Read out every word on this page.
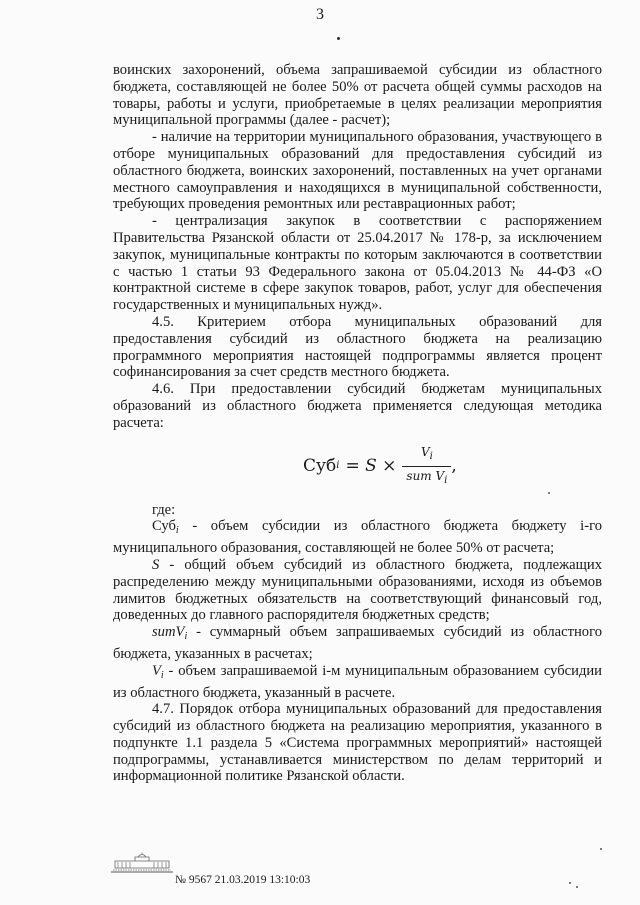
3

воинских захоронений, объема запрашиваемой субсидии из областного бюджета, составляющей не более 50% от расчета общей суммы расходов на товары, работы и услуги, приобретаемые в целях реализации мероприятия муниципальной программы (далее - расчет);

- наличие на территории муниципального образования, участвующего в отборе муниципальных образований для предоставления субсидий из областного бюджета, воинских захоронений, поставленных на учет органами местного самоуправления и находящихся в муниципальной собственности, требующих проведения ремонтных или реставрационных работ;

- централизация закупок в соответствии с распоряжением Правительства Рязанской области от 25.04.2017 № 178-р, за исключением закупок, муниципальные контракты по которым заключаются в соответствии с частью 1 статьи 93 Федерального закона от 05.04.2013 № 44-ФЗ «О контрактной системе в сфере закупок товаров, работ, услуг для обеспечения государственных и муниципальных нужд».

4.5. Критерием отбора муниципальных образований для предоставления субсидий из областного бюджета на реализацию программного мероприятия настоящей подпрограммы является процент софинансирования за счет средств местного бюджета.

4.6. При предоставлении субсидий бюджетам муниципальных образований из областного бюджета применяется следующая методика расчета:

Суб $i = S \times \frac{V_i}{sum V_i}$ ,

где:

Суб$_i$ - объем субсидии из областного бюджета бюджету i-го муниципального образования, составляющей не более 50% от расчета;

S - общий объем субсидий из областного бюджета, подлежащих распределению между муниципальными образованиями, исходя из объемов лимитов бюджетных обязательств на соответствующий финансовый год, доведенных до главного распорядителя бюджетных средств;

sumV$_i$ - суммарный объем запрашиваемых субсидий из областного бюджета, указанных в расчетах;

$V_i$ - объем запрашиваемой i-м муниципальным образованием субсидии из областного бюджета, указанный в расчете.

4.7. Порядок отбора муниципальных образований для предоставления субсидий из областного бюджета на реализацию мероприятия, указанного в подпункте 1.1 раздела 5 «Система программных мероприятий» настоящей подпрограммы, устанавливается министерством по делам территорий и информационной политике Рязанской области.

№ 9567 21.03.2019 13:10:03
